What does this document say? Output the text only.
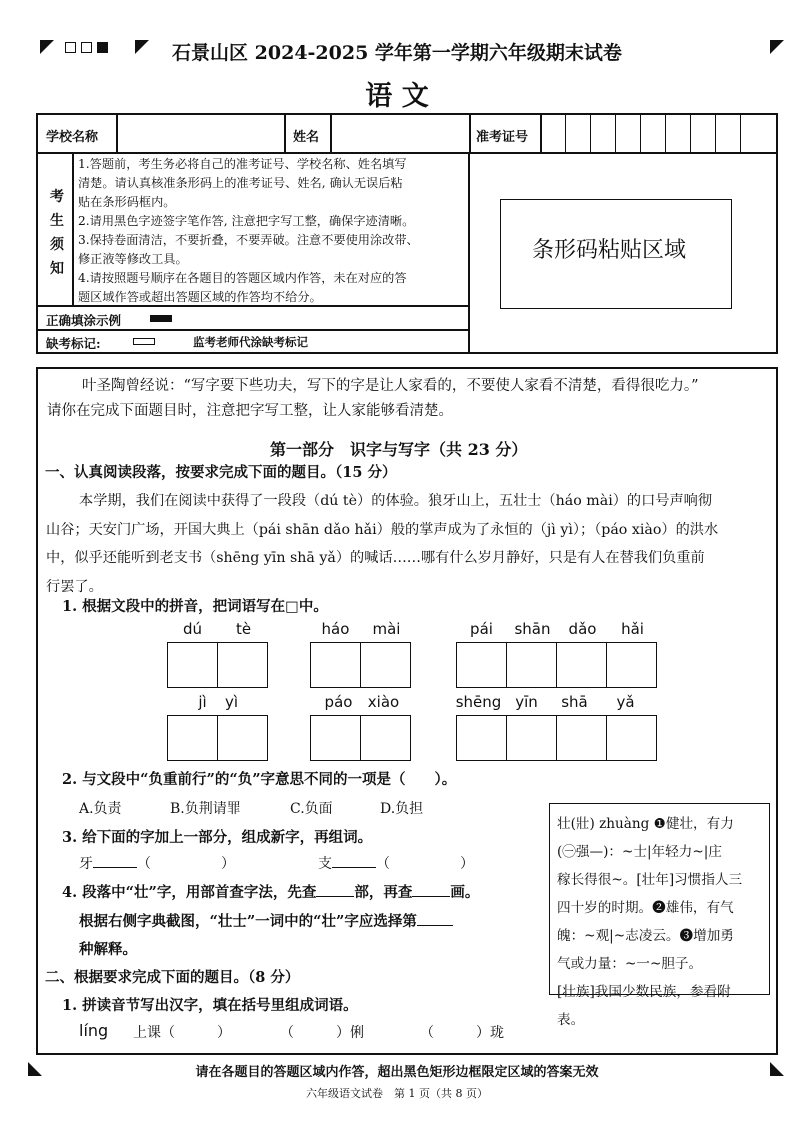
石景山区 2024-2025 学年第一学期六年级期末试卷
语 文
学校名称	姓名	准考证号
考
生
须
知
1.答题前，考生务必将自己的准考证号、学校名称、姓名填写
清楚。请认真核准条形码上的准考证号、姓名, 确认无误后粘
贴在条形码框内。
2.请用黑色字迹签字笔作答, 注意把字写工整，确保字迹清晰。
3.保持卷面清洁，不要折叠，不要弄破。注意不要使用涂改带、
修正液等修改工具。
4.请按照题号顺序在各题目的答题区域内作答，未在对应的答
题区域作答或超出答题区域的作答均不给分。
正确填涂示例
缺考标记:	监考老师代涂缺考标记
条形码粘贴区域

叶圣陶曾经说：“写字要下些功夫，写下的字是让人家看的，不要使人家看不清楚，看得很吃力。”

请你在完成下面题目时，注意把字写工整，让人家能够看清楚。

第一部分　识字与写字（共 23 分）
一、认真阅读段落，按要求完成下面的题目。（15 分）
本学期，我们在阅读中获得了一段段（dú tè）的体验。狼牙山上，五壮士（háo mài）的口号声响彻
山谷；天安门广场，开国大典上（pái shān dǎo hǎi）般的掌声成为了永恒的（jì yì）；（páo xiào）的洪水
中，似乎还能听到老支书（shēng yīn shā yǎ）的喊话……哪有什么岁月静好，只是有人在替我们负重前
行罢了。
1. 根据文段中的拼音，把词语写在□中。
dú	tè	háo	mài	pái	shān	dǎo	hǎi
jì	yì	páo	xiào	shēng yīn	shā	yǎ
2. 与文段中“负重前行”的“负”字意思不同的一项是（　　）。
A.负责	B.负荆请罪	C.负面	D.负担
3. 给下面的字加上一部分，组成新字，再组词。
牙	（　　　　　）	支	（　　　　　）
4. 段落中“壮”字，用部首查字法，先查	部，再查	画。
根据右侧字典截图，“壮士”一词中的“壮”字应选择第
种解释。
壮(壯) zhuàng ❶健壮，有力
(㊀强—)：~士|年轻力~|庄
稼长得很~。[壮年]习惯指人三
四十岁的时期。❷雄伟，有气
魄：~观|~志凌云。❸增加勇
气或力量：~一~胆子。
[壮族]我国少数民族，参看附
表。
二、根据要求完成下面的题目。（8 分）
1. 拼读音节写出汉字，填在括号里组成词语。
líng 上课（　　　）	（　　　）俐	（　　　）珑
请在各题目的答题区域内作答，超出黑色矩形边框限定区域的答案无效
六年级语文试卷　第 1 页（共 8 页）
